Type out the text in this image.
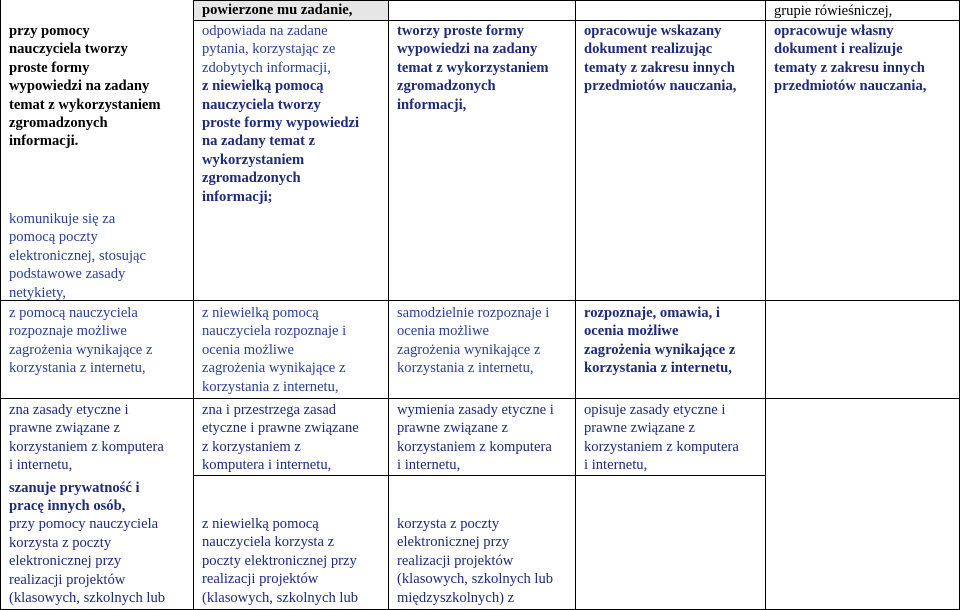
przy pomocy
nauczyciela tworzy
proste formy
wypowiedzi na zadany
temat z wykorzystaniem
zgromadzonych
informacji.

komunikuje się za
pomocą poczty
elektronicznej, stosując
podstawowe zasady
netykiety,

z pomocą nauczyciela
rozpoznaje możliwe
zagrożenia wynikające z
korzystania z internetu,

zna zasady etyczne i
prawne związane z
korzystaniem z komputera
i internetu,

szanuje prywatność i
pracę innych osób,

przy pomocy nauczyciela
korzysta z poczty
elektronicznej przy
realizacji projektów
(klasowych, szkolnych lub

powierzone mu zadanie,

odpowiada na zadane
pytania, korzystając ze
zdobytych informacji,

z niewielką pomocą
nauczyciela tworzy
proste formy wypowiedzi
na zadany temat z
wykorzystaniem
zgromadzonych
informacji;

z niewielką pomocą
nauczyciela rozpoznaje i
ocenia możliwe
zagrożenia wynikające z
korzystania z internetu,

zna i przestrzega zasad
etyczne i prawne związane
z korzystaniem z
komputera i internetu,

z niewielką pomocą
nauczyciela korzysta z
poczty elektronicznej przy
realizacji projektów
(klasowych, szkolnych lub

tworzy proste formy
wypowiedzi na zadany
temat z wykorzystaniem
zgromadzonych
informacji,

samodzielnie rozpoznaje i
ocenia możliwe
zagrożenia wynikające z
korzystania z internetu,

wymienia zasady etyczne i
prawne związane z
korzystaniem z komputera
i internetu,

korzysta z poczty
elektronicznej przy
realizacji projektów
(klasowych, szkolnych lub
międzyszkolnych) z

opracowuje wskazany
dokument realizując
tematy z zakresu innych
przedmiotów nauczania,

rozpoznaje, omawia, i
ocenia możliwe
zagrożenia wynikające z
korzystania z internetu,

opisuje zasady etyczne i
prawne związane z
korzystaniem z komputera
i internetu,

grupie rówieśniczej,

opracowuje własny
dokument i realizuje
tematy z zakresu innych
przedmiotów nauczania,
